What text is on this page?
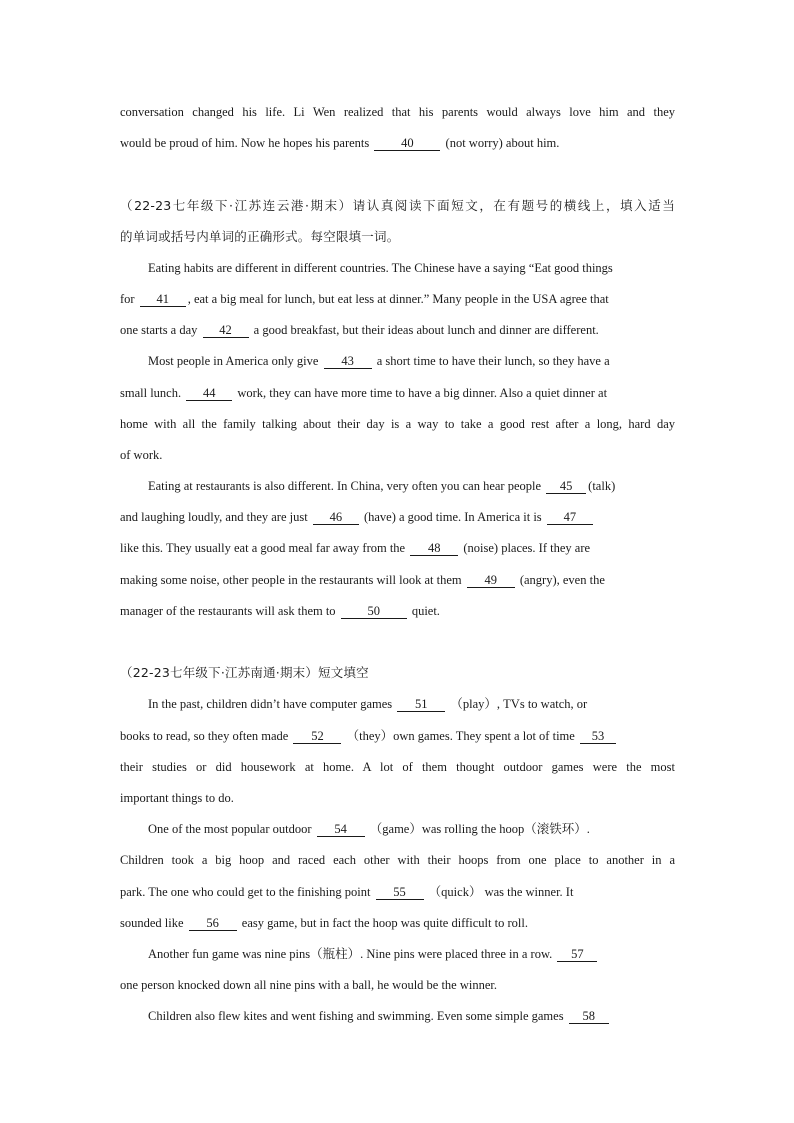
conversation changed his life. Li Wen realized that his parents would always love him and they
would be proud of him. Now he hopes his parents	40	(not worry) about him.
（22-23七年级下·江苏连云港·期末）请认真阅读下面短文，在有题号的横线上，填入适当
的单词或括号内单词的正确形式。每空限填一词。
Eating habits are different in different countries. The Chinese have a saying “Eat good things
for 41 , eat a big meal for lunch, but eat less at dinner.” Many people in the USA agree that
one starts a day 42 a good breakfast, but their ideas about lunch and dinner are different.
Most people in America only give 43 a short time to have their lunch, so they have a
small lunch. 44 work, they can have more time to have a big dinner. Also a quiet dinner at
home with all the family talking about their day is a way to take a good rest after a long, hard day
of work.
Eating at restaurants is also different. In China, very often you can hear people 45 (talk)
and laughing loudly, and they are just 46 (have) a good time. In America it is 47
like this. They usually eat a good meal far away from the 48 (noise) places. If they are
making some noise, other people in the restaurants will look at them 49 (angry), even the
manager of the restaurants will ask them to	50	quiet.
（22-23七年级下·江苏南通·期末）短文填空
In the past, children didn’t have computer games 51 （play）, TVs to watch, or
books to read, so they often made 52 （they）own games. They spent a lot of time 53
their studies or did housework at home. A lot of them thought outdoor games were the most
important things to do.
One of the most popular outdoor 54 （game）was rolling the hoop（滚铁环）.
Children took a big hoop and raced each other with their hoops from one place to another in a
park. The one who could get to the finishing point 55 （quick） was the winner. It
sounded like 56 easy game, but in fact the hoop was quite difficult to roll.
Another fun game was nine pins（瓶柱）. Nine pins were placed three in a row. 57
one person knocked down all nine pins with a ball, he would be the winner.
Children also flew kites and went fishing and swimming. Even some simple games 58
